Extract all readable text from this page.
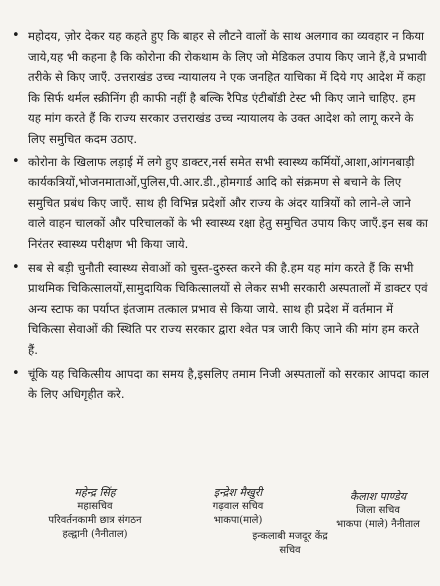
• महोदय, ज़ोर देकर यह कहते हुए कि बाहर से लौटने वालों के साथ अलगाव का व्यवहार न किया जाये,यह भी कहना है कि कोरोना की रोकथाम के लिए जो मेडिकल उपाय किए जाने हैं,वे प्रभावी तरीके से किए जाएँ. उत्तराखंड उच्च न्यायालय ने एक जनहित याचिका में दिये गए आदेश में कहा कि सिर्फ थर्मल स्क्रीनिंग ही काफी नहीं है बल्कि रैपिड एंटीबॉडी टेस्ट भी किए जाने चाहिए. हम यह मांग करते हैं कि राज्य सरकार उत्तराखंड उच्च न्यायालय के उक्त आदेश को लागू करने के लिए समुचित कदम उठाए.
• कोरोना के खिलाफ लड़ाई में लगे हुए डाक्टर,नर्स समेत सभी स्वास्थ्य कर्मियों,आशा,आंगनबाड़ी कार्यकत्रियों,भोजनमाताओं,पुलिस,पी.आर.डी.,होमगार्ड आदि को संक्रमण से बचाने के लिए समुचित प्रबंध किए जाएँ. साथ ही विभिन्न प्रदेशों और राज्य के अंदर यात्रियों को लाने-ले जाने वाले वाहन चालकों और परिचालकों के भी स्वास्थ्य रक्षा हेतु समुचित उपाय किए जाएँ.इन सब का निरंतर स्वास्थ्य परीक्षण भी किया जाये.
• सब से बड़ी चुनौती स्वास्थ्य सेवाओं को चुस्त-दुरुस्त करने की है.हम यह मांग करते हैं कि सभी प्राथमिक चिकित्सालयों,सामुदायिक चिकित्सालयों से लेकर सभी सरकारी अस्पतालों में डाक्टर एवं अन्य स्टाफ का पर्याप्त इंतजाम तत्काल प्रभाव से किया जाये. साथ ही प्रदेश में वर्तमान में चिकित्सा सेवाओं की स्थिति पर राज्य सरकार द्वारा श्वेत पत्र जारी किए जाने की मांग हम करते हैं.
• चूंकि यह चिकित्सीय आपदा का समय है,इसलिए तमाम निजी अस्पतालों को सरकार आपदा काल के लिए अधिगृहीत करे.
महेन्द्र सिंह
महासचिव
परिवर्तनकामी छात्र संगठन
हल्द्वानी (नैनीताल)
इन्द्रेश मैखुरी
गढ़वाल सचिव
भाकपा(माले)
इन्कलाबी मजदूर केंद्र
सचिव
कैलाश पाण्डेय
जिला सचिव
भाकपा (माले) नैनीताल
